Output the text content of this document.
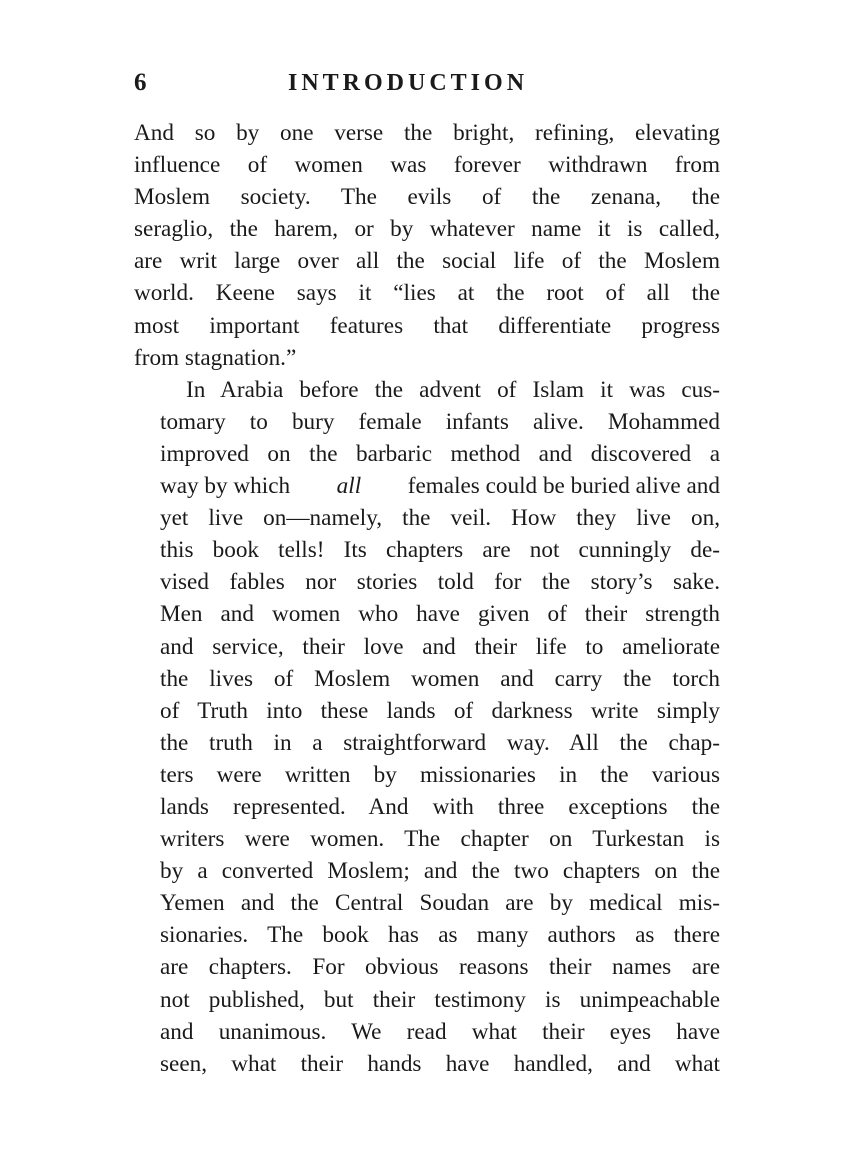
6	INTRODUCTION
And so by one verse the bright, refining, elevating
influence of women was forever withdrawn from
Moslem society. The evils of the zenana, the
seraglio, the harem, or by whatever name it is called,
are writ large over all the social life of the Moslem
world. Keene says it “lies at the root of all the
most important features that differentiate progress
from stagnation.”
In Arabia before the advent of Islam it was cus-
tomary to bury female infants alive. Mohammed
improved on the barbaric method and discovered a
way by which	all	females could be buried alive and
yet live on—namely, the veil. How they live on,
this book tells! Its chapters are not cunningly de-
vised fables nor stories told for the story’s sake.
Men and women who have given of their strength
and service, their love and their life to ameliorate
the lives of Moslem women and carry the torch
of Truth into these lands of darkness write simply
the truth in a straightforward way. All the chap-
ters were written by missionaries in the various
lands represented. And with three exceptions the
writers were women. The chapter on Turkestan is
by a converted Moslem; and the two chapters on the
Yemen and the Central Soudan are by medical mis-
sionaries. The book has as many authors as there
are chapters. For obvious reasons their names are
not published, but their testimony is unimpeachable
and unanimous. We read what their eyes have
seen, what their hands have handled, and what
